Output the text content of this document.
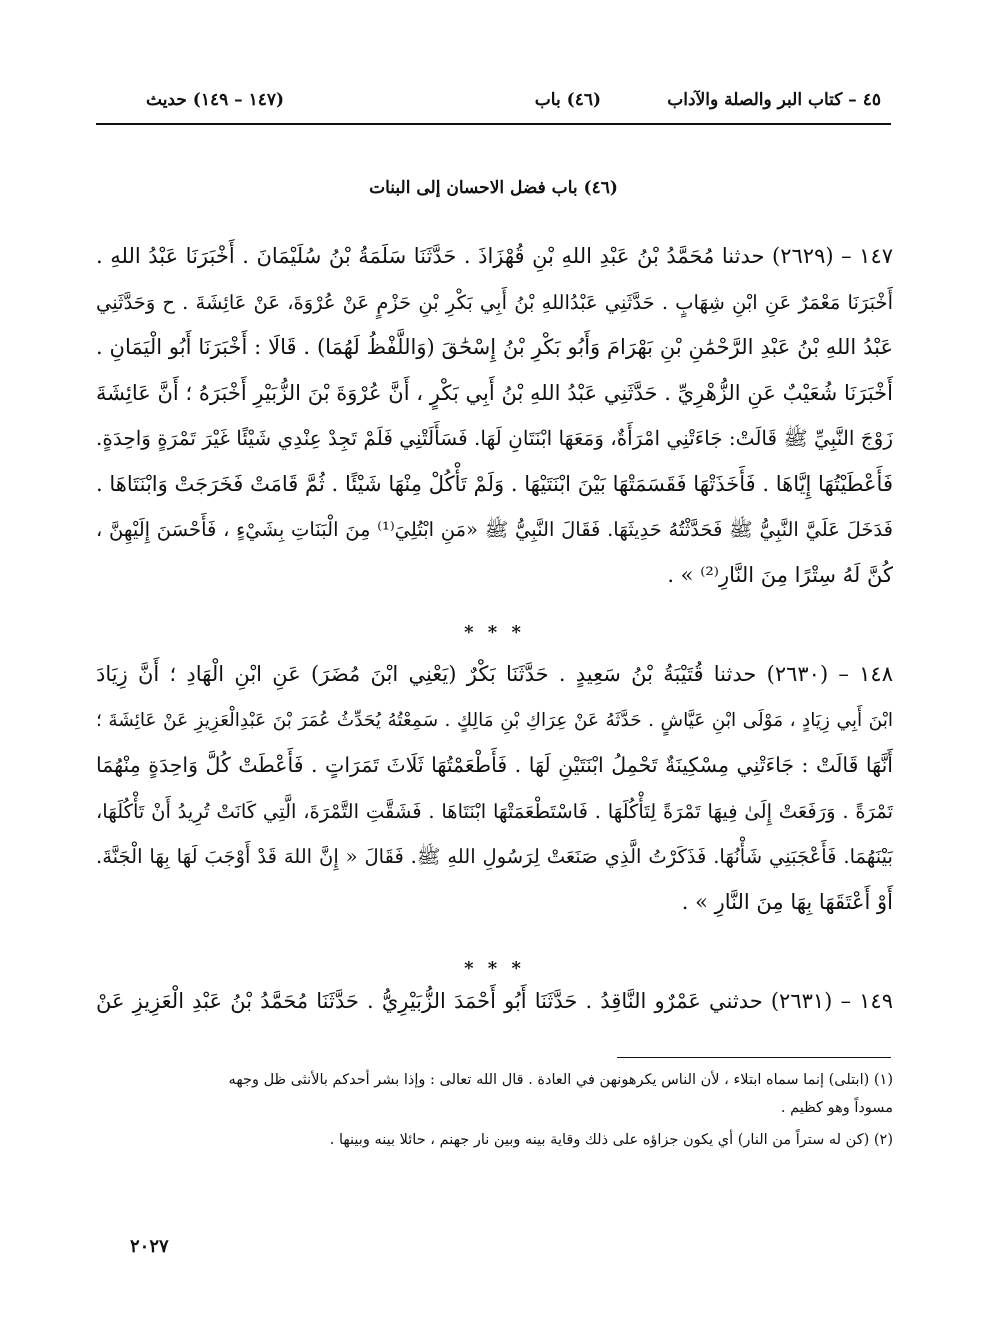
٤٥ – كتاب البر والصلة والآداب
(٤٦) باب
(١٤٧ – ١٤٩) حديث
(٤٦) باب فضل الاحسان إلى البنات
١٤٧ – (٢٦٢٩) حدثنا مُحَمَّدُ بْنُ عَبْدِ اللهِ بْنِ قُهْزَاذَ . حَدَّثَنَا سَلَمَةُ بْنُ سُلَيْمَانَ . أَخْبَرَنَا عَبْدُ اللهِ .
أَخْبَرَنَا مَعْمَرٌ عَنِ ابْنِ شِهَابٍ . حَدَّثَنِي عَبْدُاللهِ بْنُ أَبِي بَكْرِ بْنِ حَزْمٍ عَنْ عُرْوَةَ، عَنْ عَائِشَةَ . ح وَحَدَّثَنِي
عَبْدُ اللهِ بْنُ عَبْدِ الرَّحْمَٰنِ بْنِ بَهْرَامَ وَأَبُو بَكْرِ بْنُ إِسْحَٰقَ (وَاللَّفْظُ لَهُمَا) . قَالَا : أَخْبَرَنَا أَبُو الْيَمَانِ .
أَخْبَرَنَا شُعَيْبٌ عَنِ الزُّهْرِيِّ . حَدَّثَنِي عَبْدُ اللهِ بْنُ أَبِي بَكْرٍ ، أَنَّ عُرْوَةَ بْنَ الزُّبَيْرِ أَخْبَرَهُ ؛ أَنَّ عَائِشَةَ
زَوْجَ النَّبِيِّ ﷺ قَالَتْ: جَاءَتْنِي امْرَأَةٌ، وَمَعَهَا ابْنَتَانِ لَهَا. فَسَأَلَتْنِي فَلَمْ تَجِدْ عِنْدِي شَيْئًا غَيْرَ تَمْرَةٍ وَاحِدَةٍ.
فَأَعْطَيْتُهَا إِيَّاهَا . فَأَخَذَتْهَا فَقَسَمَتْهَا بَيْنَ ابْنَتَيْهَا . وَلَمْ تَأْكُلْ مِنْهَا شَيْئًا . ثُمَّ قَامَتْ فَخَرَجَتْ وَابْنَتَاهَا .
فَدَخَلَ عَلَيَّ النَّبِيُّ ﷺ فَحَدَّثْتُهُ حَدِيثَهَا. فَقَالَ النَّبِيُّ ﷺ «مَنِ ابْتُلِيَ⁽¹⁾ مِنَ الْبَنَاتِ بِشَيْءٍ ، فَأَحْسَنَ إِلَيْهِنَّ ،
كُنَّ لَهُ سِتْرًا مِنَ النَّارِ⁽²⁾ » .
* * *
١٤٨ – (٢٦٣٠) حدثنا قُتَيْبَةُ بْنُ سَعِيدٍ . حَدَّثَنَا بَكْرٌ (يَعْنِي ابْنَ مُضَرَ) عَنِ ابْنِ الْهَادِ ؛ أَنَّ زِيَادَ
ابْنَ أَبِي زِيَادٍ ، مَوْلَى ابْنِ عَيَّاشٍ . حَدَّثَهُ عَنْ عِرَاكِ بْنِ مَالِكٍ . سَمِعْتُهُ يُحَدِّثُ عُمَرَ بْنَ عَبْدِالْعَزِيزِ عَنْ عَائِشَةَ ؛
أَنَّهَا قَالَتْ : جَاءَتْنِي مِسْكِينَةٌ تَحْمِلُ ابْنَتَيْنِ لَهَا . فَأَطْعَمْتُهَا ثَلَاثَ تَمَرَاتٍ . فَأَعْطَتْ كُلَّ وَاحِدَةٍ مِنْهُمَا
تَمْرَةً . وَرَفَعَتْ إِلَىٰ فِيهَا تَمْرَةً لِتَأْكُلَهَا . فَاسْتَطْعَمَتْهَا ابْنَتَاهَا . فَشَقَّتِ التَّمْرَةَ، الَّتِي كَانَتْ تُرِيدُ أَنْ تَأْكُلَهَا،
بَيْنَهُمَا. فَأَعْجَبَنِي شَأْنُهَا. فَذَكَرْتُ الَّذِي صَنَعَتْ لِرَسُولِ اللهِ ﷺ. فَقَالَ « إِنَّ اللهَ قَدْ أَوْجَبَ لَهَا بِهَا الْجَنَّةَ.
أَوْ أَعْتَقَهَا بِهَا مِنَ النَّارِ » .
* * *
١٤٩ – (٢٦٣١) حدثني عَمْرٌو النَّاقِدُ . حَدَّثَنَا أَبُو أَحْمَدَ الزُّبَيْرِيُّ . حَدَّثَنَا مُحَمَّدُ بْنُ عَبْدِ الْعَزِيزِ عَنْ
(١) (ابتلى) إنما سماه ابتلاء ، لأن الناس يكرهونهن في العادة . قال الله تعالى : وإذا بشر أحدكم بالأنثى ظل وجهه
مسوداً وهو كظيم .
(٢) (كن له ستراً من النار) أي يكون جزاؤه على ذلك وقاية بينه وبين نار جهنم ، حائلا بينه وبينها .
٢٠٢٧
